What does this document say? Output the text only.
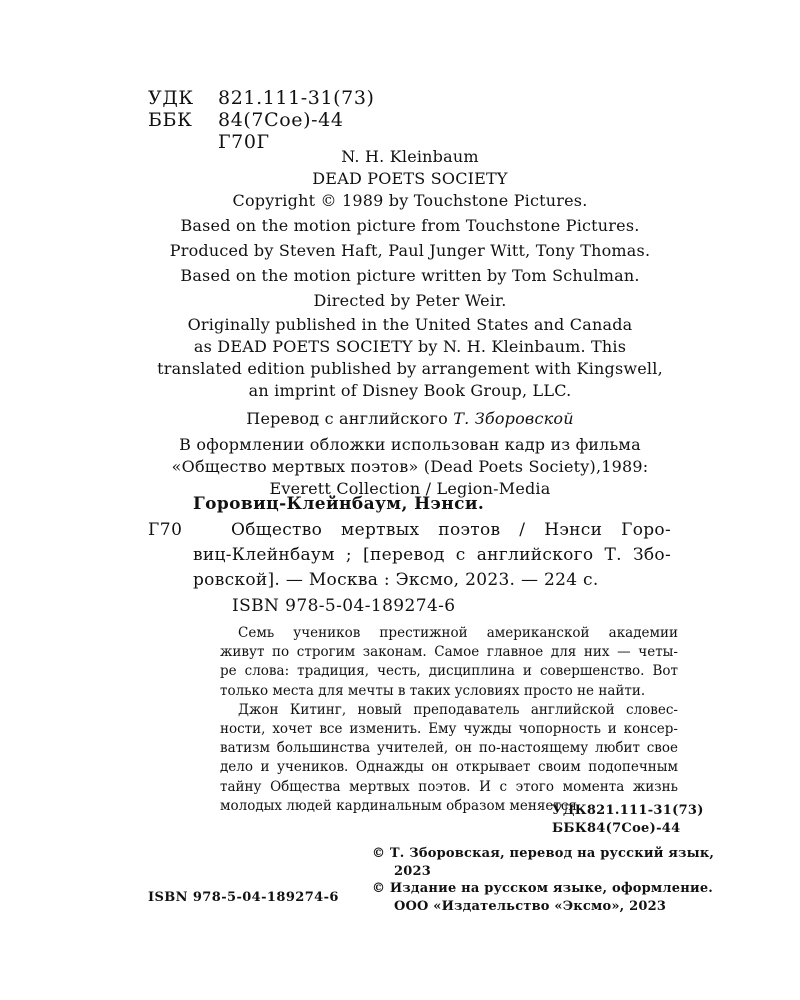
УДК 821.111-31(73)
ББК 84(7Сое)-44
Г70Г
N. H. Kleinbaum
DEAD POETS SOCIETY
Copyright © 1989 by Touchstone Pictures.
Based on the motion picture from Touchstone Pictures.
Produced by Steven Haft, Paul Junger Witt, Tony Thomas.
Based on the motion picture written by Tom Schulman.
Directed by Peter Weir.
Originally published in the United States and Canada
as DEAD POETS SOCIETY by N. H. Kleinbaum. This
translated edition published by arrangement with Kingswell,
an imprint of Disney Book Group, LLC.
Перевод с английского Т. Зборовской
В оформлении обложки использован кадр из фильма
«Общество мертвых поэтов» (Dead Poets Society),1989:
Everett Collection / Legion-Media
Горовиц-Клейнбаум, Нэнси.
Г70	Общество мертвых поэтов / Нэнси Горо-
виц-Клейнбаум ; [перевод с английского Т. Збо-
ровской]. — Москва : Эксмо, 2023. — 224 с.
ISBN 978-5-04-189274-6
Семь учеников престижной американской академии
живут по строгим законам. Самое главное для них — четы-
ре слова: традиция, честь, дисциплина и совершенство. Вот
только места для мечты в таких условиях просто не найти.
Джон Китинг, новый преподаватель английской словес-
ности, хочет все изменить. Ему чужды чопорность и консер-
ватизм большинства учителей, он по-настоящему любит свое
дело и учеников. Однажды он открывает своим подопечным
тайну Общества мертвых поэтов. И с этого момента жизнь
молодых людей кардинальным образом меняется.
УДК821.111-31(73)
ББК84(7Сое)-44
© Т. Зборовская, перевод на русский язык,
2023
© Издание на русском языке, оформление.
ООО «Издательство «Эксмо», 2023
ISBN 978-5-04-189274-6
